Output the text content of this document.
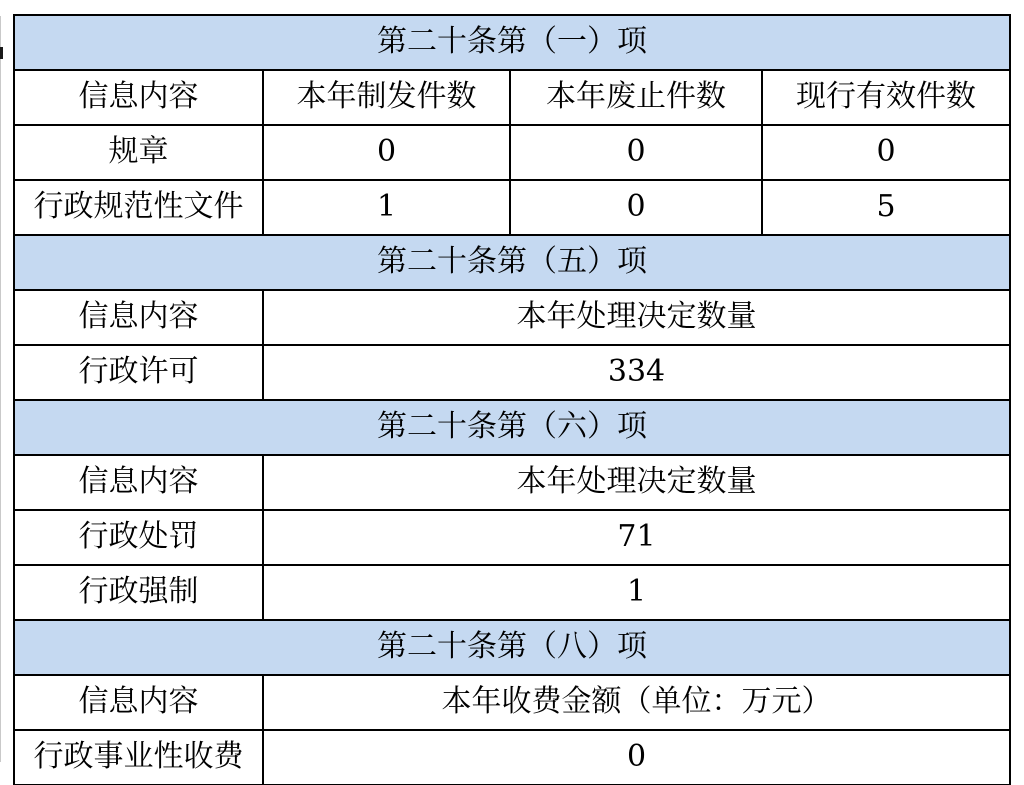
第二十条第（一）项			
信息内容	本年制发件数	本年废止件数	现行有效件数
规章	0	0	0
行政规范性文件	1	0	5
第二十条第（五）项			
信息内容	本年处理决定数量		
行政许可	334		
第二十条第（六）项			
信息内容	本年处理决定数量		
行政处罚	71		
行政强制	1		
第二十条第（八）项			
信息内容	本年收费金额（单位：万元）		
行政事业性收费	0		
